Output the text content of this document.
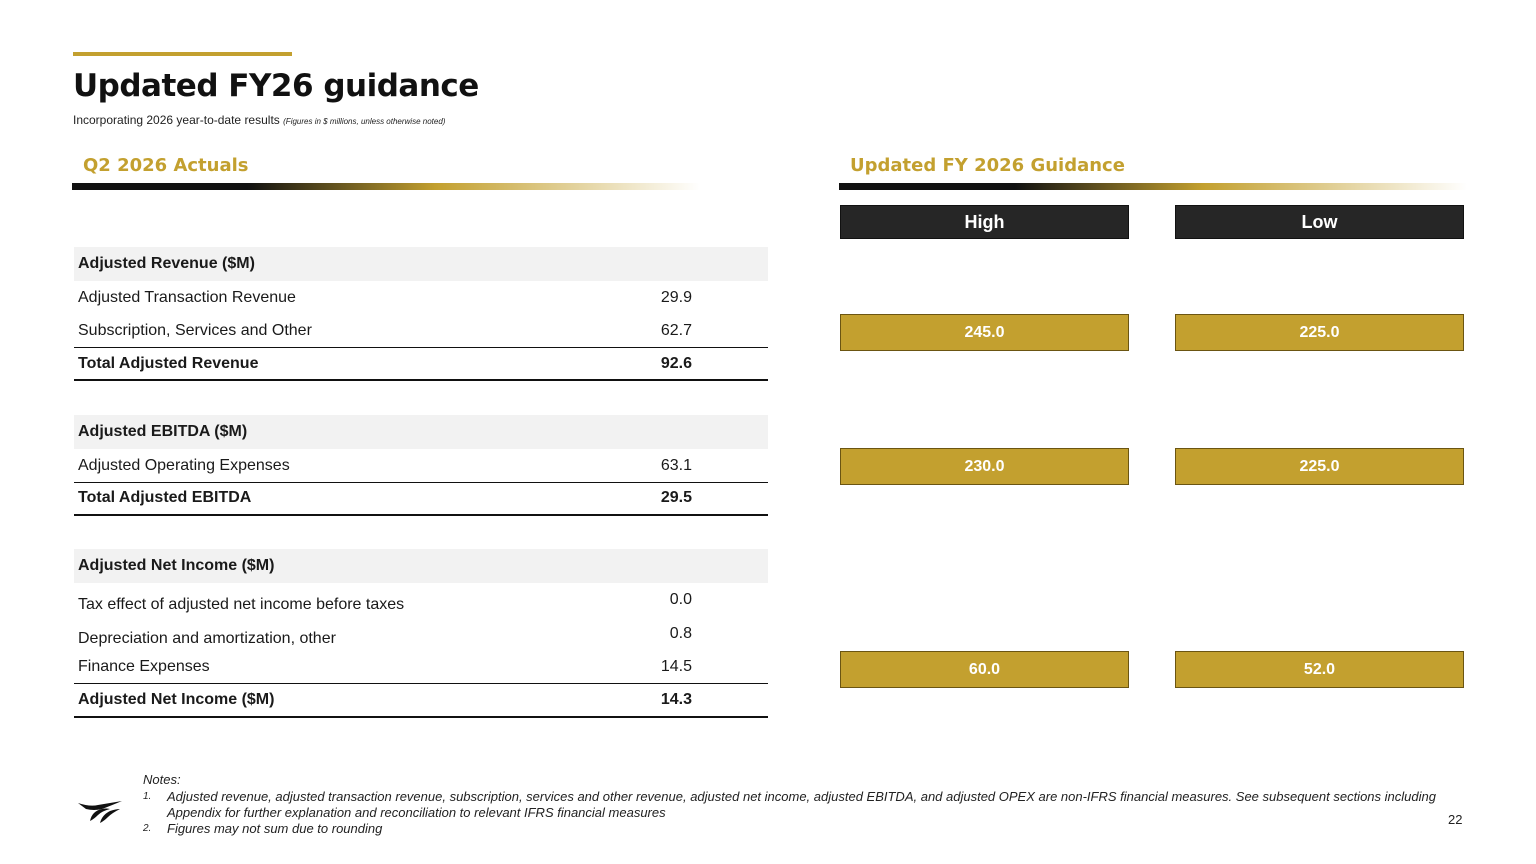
Updated FY26 guidance
Incorporating 2026 year-to-date results (Figures in $ millions, unless otherwise noted)
Q2 2026 Actuals	Updated FY 2026 Guidance
Adjusted Revenue ($M)
Adjusted Transaction Revenue	29.9
Subscription, Services and Other	62.7
Total Adjusted Revenue	92.6
Adjusted EBITDA ($M)
Adjusted Operating Expenses	63.1
Total Adjusted EBITDA	29.5
Adjusted Net Income ($M)
Tax effect of adjusted net income before taxes	0.0
Depreciation and amortization, other	0.8
Finance Expenses	14.5
Adjusted Net Income ($M)	14.3
High	Low
245.0	225.0
230.0	225.0
60.0	52.0
Notes:
1.	Adjusted revenue, adjusted transaction revenue, subscription, services and other revenue, adjusted net income, adjusted EBITDA, and adjusted OPEX are non-IFRS financial measures. See subsequent sections including Appendix for further explanation and reconciliation to relevant IFRS financial measures
2.	Figures may not sum due to rounding
22
